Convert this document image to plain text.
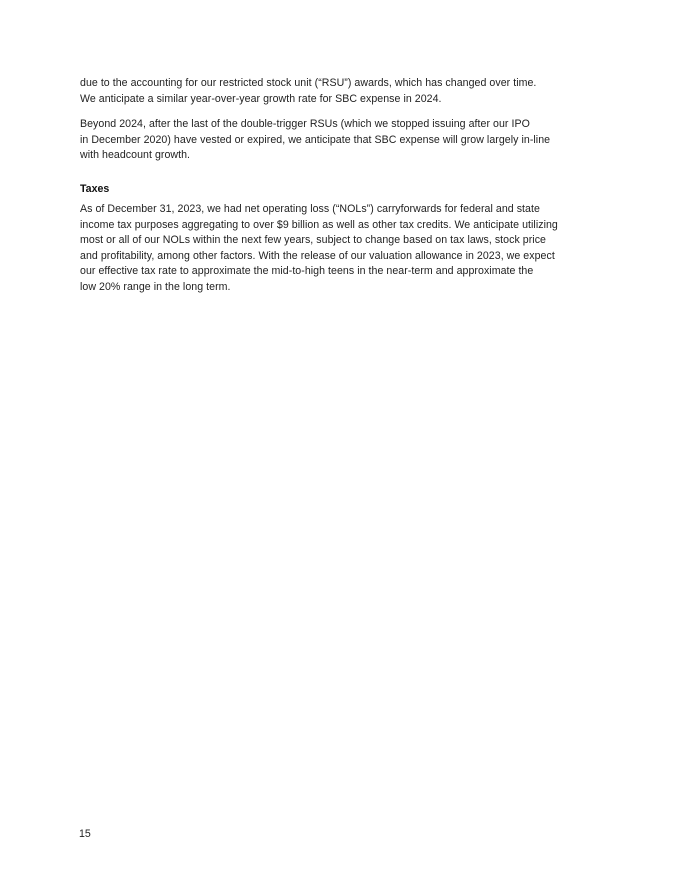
due to the accounting for our restricted stock unit (“RSU”) awards, which has changed over time.
We anticipate a similar year-over-year growth rate for SBC expense in 2024.

Beyond 2024, after the last of the double-trigger RSUs (which we stopped issuing after our IPO
in December 2020) have vested or expired, we anticipate that SBC expense will grow largely in-line
with headcount growth.

Taxes

As of December 31, 2023, we had net operating loss (“NOLs”) carryforwards for federal and state
income tax purposes aggregating to over $9 billion as well as other tax credits. We anticipate utilizing
most or all of our NOLs within the next few years, subject to change based on tax laws, stock price
and profitability, among other factors. With the release of our valuation allowance in 2023, we expect
our effective tax rate to approximate the mid-to-high teens in the near-term and approximate the
low 20% range in the long term.

15
